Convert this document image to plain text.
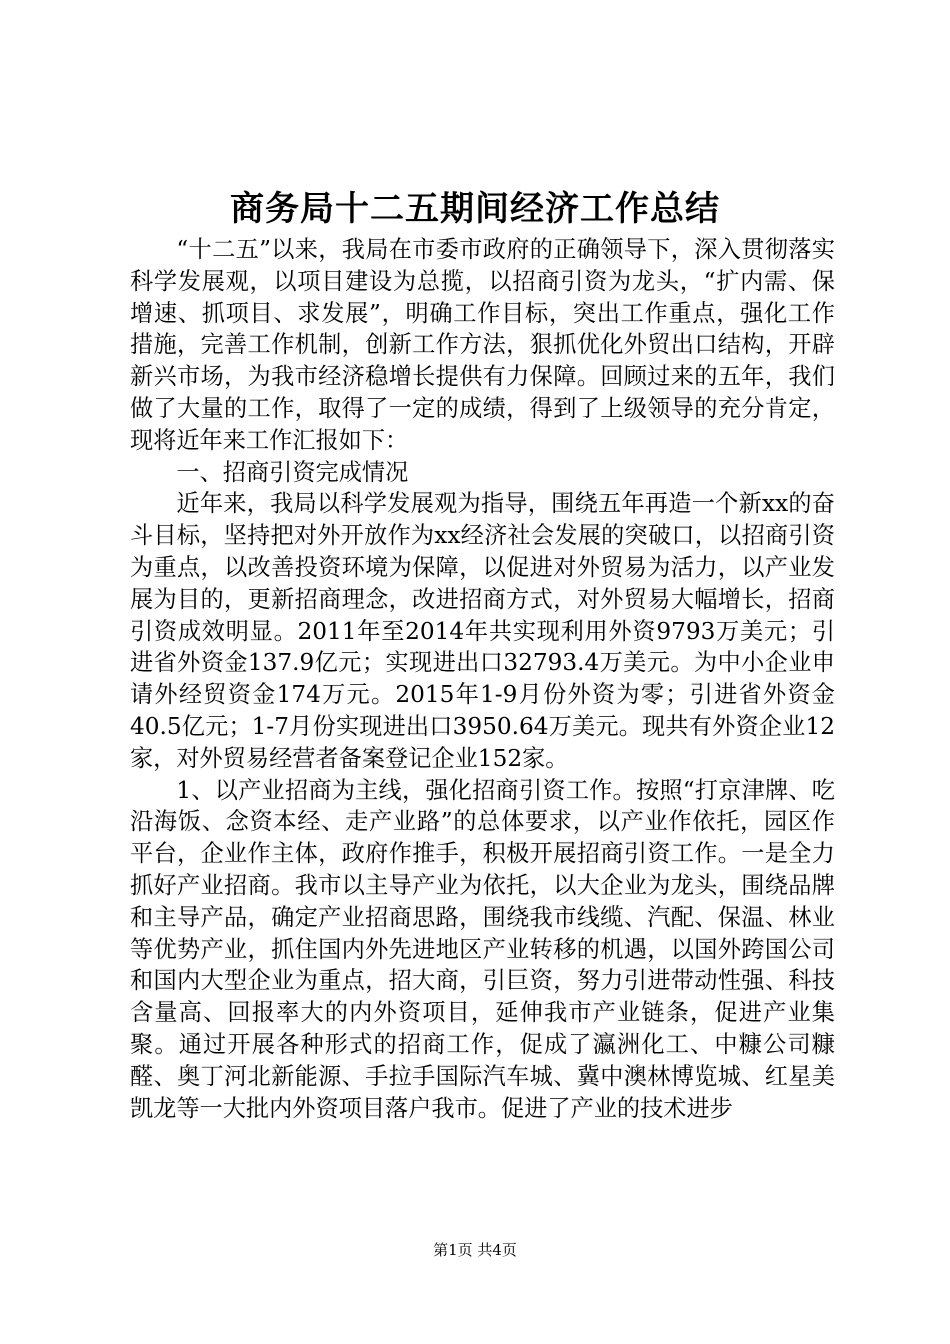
商务局十二五期间经济工作总结

“十二五”以来，我局在市委市政府的正确领导下，深入贯彻落实科学发展观，以项目建设为总揽，以招商引资为龙头，“扩内需、保增速、抓项目、求发展”，明确工作目标，突出工作重点，强化工作措施，完善工作机制，创新工作方法，狠抓优化外贸出口结构，开辟新兴市场，为我市经济稳增长提供有力保障。回顾过来的五年，我们做了大量的工作，取得了一定的成绩，得到了上级领导的充分肯定，现将近年来工作汇报如下：

一、招商引资完成情况

近年来，我局以科学发展观为指导，围绕五年再造一个新xx的奋斗目标，坚持把对外开放作为xx经济社会发展的突破口，以招商引资为重点，以改善投资环境为保障，以促进对外贸易为活力，以产业发展为目的，更新招商理念，改进招商方式，对外贸易大幅增长，招商引资成效明显。2011年至2014年共实现利用外资9793万美元；引进省外资金137.9亿元；实现进出口32793.4万美元。为中小企业申请外经贸资金174万元。2015年1-9月份外资为零；引进省外资金40.5亿元；1-7月份实现进出口3950.64万美元。现共有外资企业12家，对外贸易经营者备案登记企业152家。

1、以产业招商为主线，强化招商引资工作。按照“打京津牌、吃沿海饭、念资本经、走产业路”的总体要求，以产业作依托，园区作平台，企业作主体，政府作推手，积极开展招商引资工作。一是全力抓好产业招商。我市以主导产业为依托，以大企业为龙头，围绕品牌和主导产品，确定产业招商思路，围绕我市线缆、汽配、保温、林业等优势产业，抓住国内外先进地区产业转移的机遇，以国外跨国公司和国内大型企业为重点，招大商，引巨资，努力引进带动性强、科技含量高、回报率大的内外资项目，延伸我市产业链条，促进产业集聚。通过开展各种形式的招商工作，促成了瀛洲化工、中糠公司糠醛、奥丁河北新能源、手拉手国际汽车城、冀中澳林博览城、红星美凯龙等一大批内外资项目落户我市。促进了产业的技术进步

第1页 共4页
